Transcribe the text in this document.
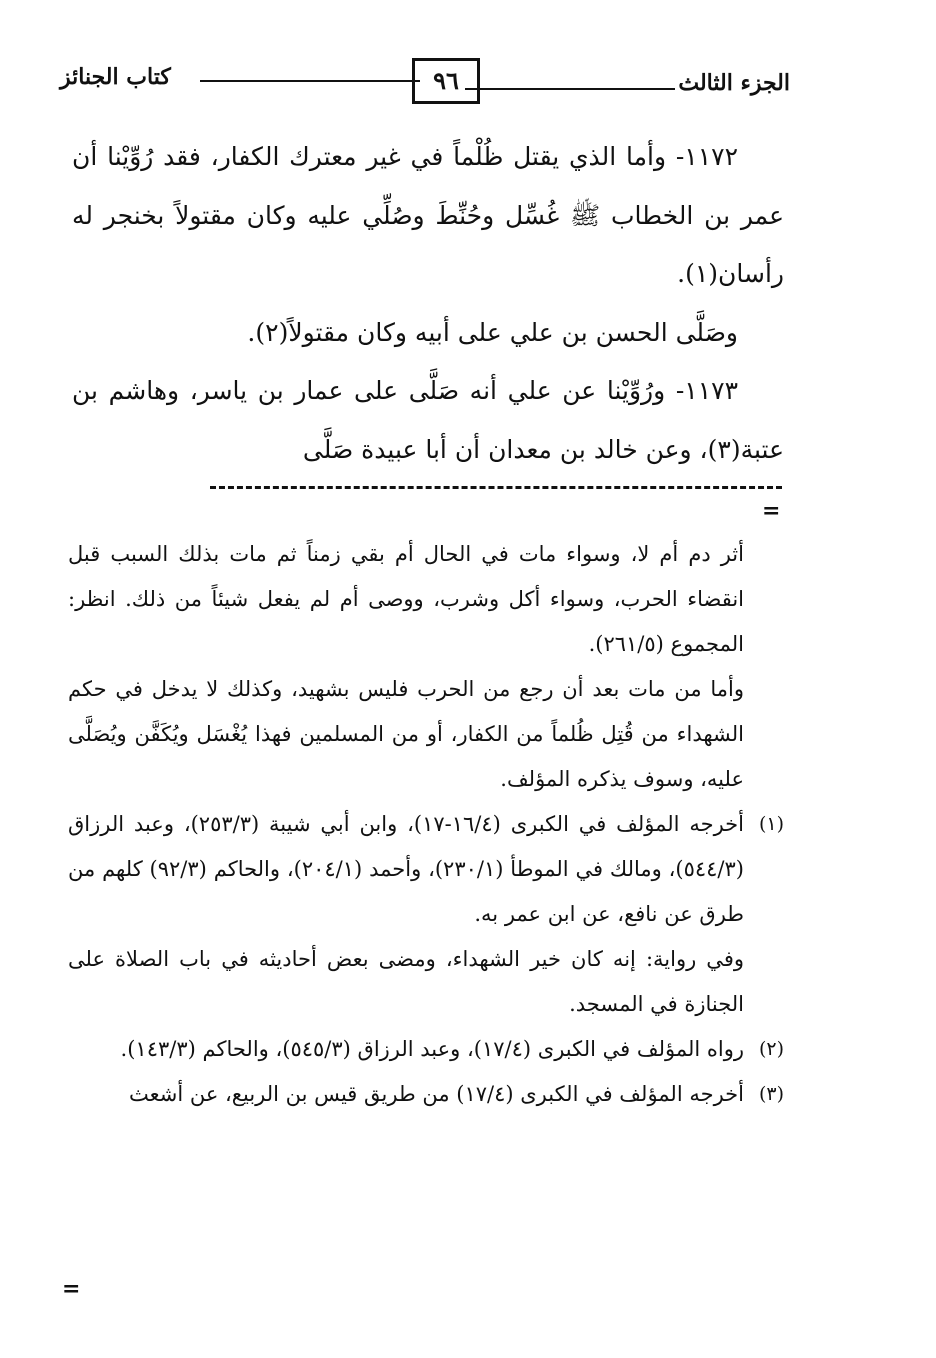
الجزء الثالث
٩٦
كتاب الجنائز

١١٧٢- وأما الذي يقتل ظُلْماً في غير معترك الكفار، فقد رُوِّيْنا أن عمر بن الخطاب ﷺ غُسِّل وحُنِّطَ وصُلِّي عليه وكان مقتولاً بخنجر له رأسان(١).

وصَلَّى الحسن بن علي على أبيه وكان مقتولاً(٢).

١١٧٣- ورُوِّيْنا عن علي أنه صَلَّى على عمار بن ياسر، وهاشم بن عتبة(٣)، وعن خالد بن معدان أن أبا عبيدة صَلَّى

=

أثر دم أم لا، وسواء مات في الحال أم بقي زمناً ثم مات بذلك السبب قبل انقضاء الحرب، وسواء أكل وشرب، ووصى أم لم يفعل شيئاً من ذلك. انظر: المجموع (٢٦١/٥).

وأما من مات بعد أن رجع من الحرب فليس بشهيد، وكذلك لا يدخل في حكم الشهداء من قُتِل ظُلماً من الكفار، أو من المسلمين فهذا يُغْسَل ويُكَفَّن ويُصَلَّى عليه، وسوف يذكره المؤلف.

(١)
أخرجه المؤلف في الكبرى (١٦/٤-١٧)، وابن أبي شيبة (٢٥٣/٣)، وعبد الرزاق (٥٤٤/٣)، ومالك في الموطأ (٢٣٠/١)، وأحمد (٢٠٤/١)، والحاكم (٩٢/٣) كلهم من طرق عن نافع، عن ابن عمر به.

وفي رواية: إنه كان خير الشهداء، ومضى بعض أحاديثه في باب الصلاة على الجنازة في المسجد.

(٢)
رواه المؤلف في الكبرى (١٧/٤)، وعبد الرزاق (٥٤٥/٣)، والحاكم (١٤٣/٣).

(٣)
أخرجه المؤلف في الكبرى (١٧/٤) من طريق قيس بن الربيع، عن أشعث

=
